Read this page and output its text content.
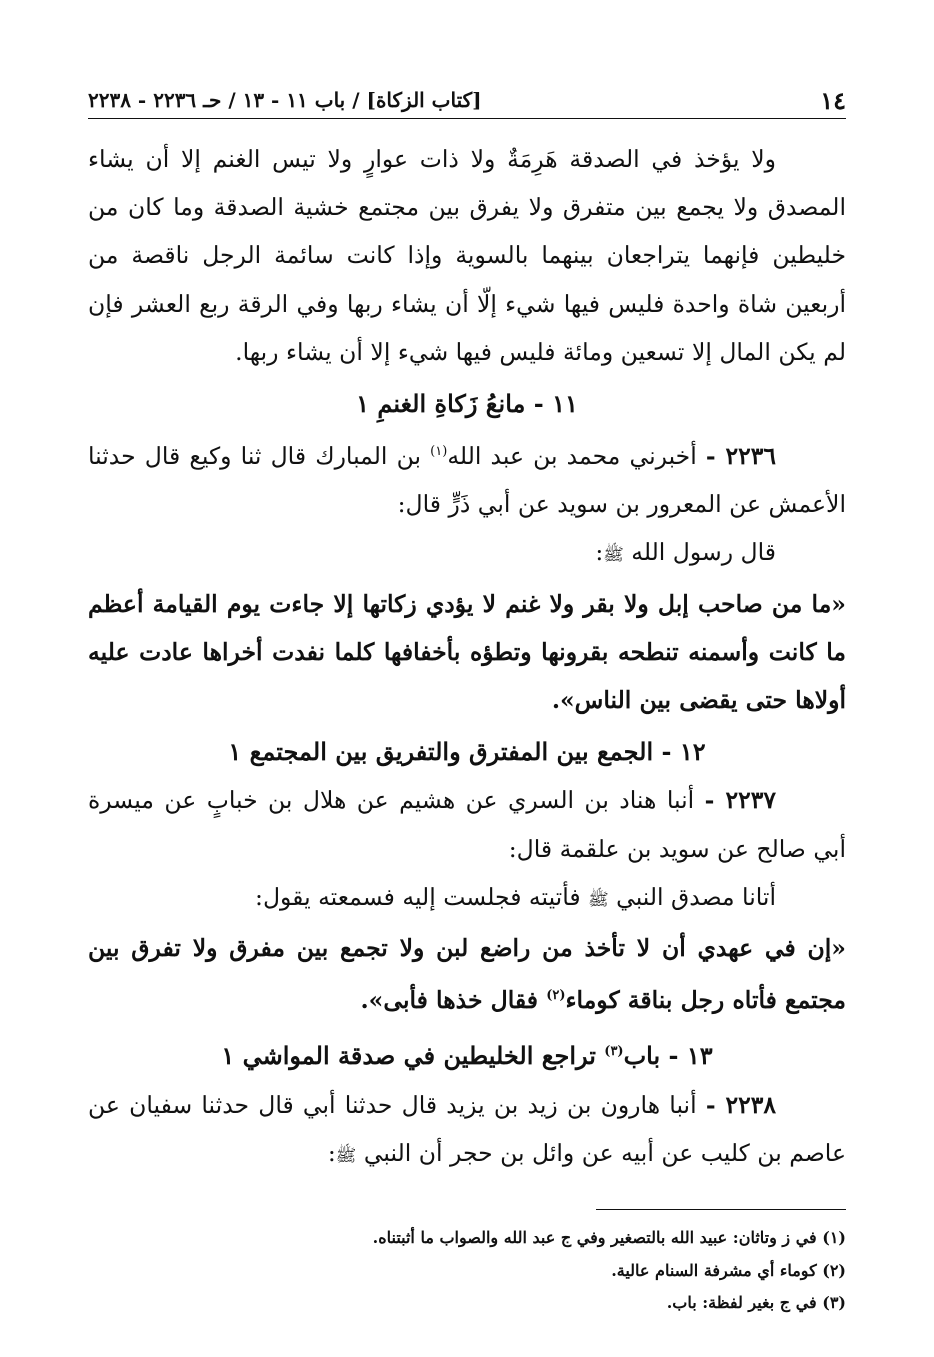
١٤
[كتاب الزكاة] / باب ١١ - ١٣ / حـ ٢٢٣٦ - ٢٢٣٨

ولا يؤخذ في الصدقة هَرِمَةٌ ولا ذات عوارٍ ولا تيس الغنم إلا أن يشاء المصدق ولا يجمع بين متفرق ولا يفرق بين مجتمع خشية الصدقة وما كان من خليطين فإنهما يتراجعان بينهما بالسوية وإذا كانت سائمة الرجل ناقصة من أربعين شاة واحدة فليس فيها شيء إلّا أن يشاء ربها وفي الرقة ربع العشر فإن لم يكن المال إلا تسعين ومائة فليس فيها شيء إلا أن يشاء ربها.

١١ - مانعُ زَكاةِ الغنمِ ١

٢٢٣٦ - أخبرني محمد بن عبد الله$^{(١)}$ بن المبارك قال ثنا وكيع قال حدثنا الأعمش عن المعرور بن سويد عن أبي ذَرٍّ قال:

قال رسول الله ﷺ:

«ما من صاحب إبل ولا بقر ولا غنم لا يؤدي زكاتها إلا جاءت يوم القيامة أعظم ما كانت وأسمنه تنطحه بقرونها وتطؤه بأخفافها كلما نفدت أخراها عادت عليه أولاها حتى يقضى بين الناس».

١٢ - الجمع بين المفترق والتفريق بين المجتمع ١

٢٢٣٧ - أنبا هناد بن السري عن هشيم عن هلال بن خبابٍ عن ميسرة أبي صالح عن سويد بن علقمة قال:

أتانا مصدق النبي ﷺ فأتيته فجلست إليه فسمعته يقول:

«إن في عهدي أن لا تأخذ من راضع لبن ولا تجمع بين مفرق ولا تفرق بين مجتمع فأتاه رجل بناقة كوماء$^{(٢)}$ فقال خذها فأبى».

١٣ - باب$^{(٣)}$ تراجع الخليطين في صدقة المواشي ١

٢٢٣٨ - أنبا هارون بن زيد بن يزيد قال حدثنا أبي قال حدثنا سفيان عن عاصم بن كليب عن أبيه عن وائل بن حجر أن النبي ﷺ:

(١) في ز وتاثان: عبيد الله بالتصغير وفي ج عبد الله والصواب ما أثبتناه.
(٢) كوماء أي مشرفة السنام عالية.
(٣) في ج بغير لفظة: باب.
